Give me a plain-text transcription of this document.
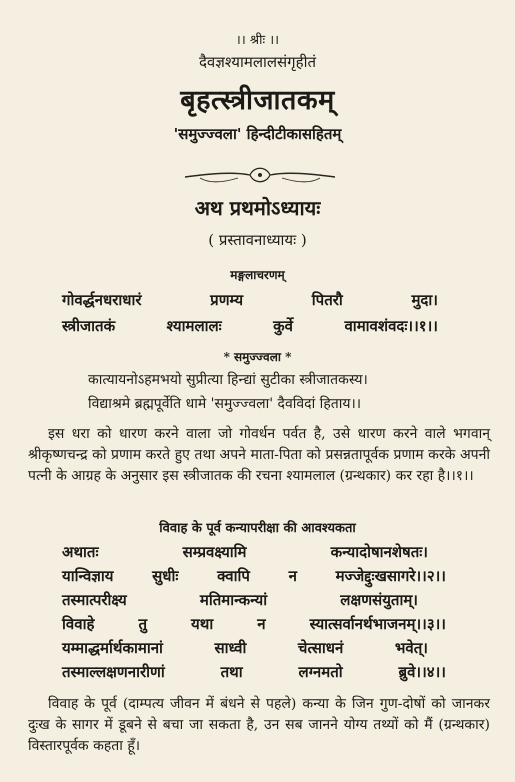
।। श्रीः ।।
दैवज्ञश्यामलालसंगृहीतं
बृहत्स्त्रीजातकम्
'समुज्ज्वला' हिन्दीटीकासहितम्
अथ प्रथमोऽध्यायः
( प्रस्तावनाध्यायः )
मङ्गलाचरणम्
गोवर्द्धनधराधारं	प्रणम्य	पितरौ	मुदा।
स्त्रीजातकं	श्यामलालः	कुर्वे	वामावशंवदः।।१।।
* समुज्ज्वला *
कात्यायनोऽहमभयो सुप्रीत्या हिन्द्यां सुटीका स्त्रीजातकस्य।
विद्याश्रमे ब्रह्मपूर्वेति धामे 'समुज्ज्वला' दैवविदां हिताय।।
इस धरा को धारण करने वाला जो गोवर्धन पर्वत है, उसे धारण करने वाले भगवान् श्रीकृष्णचन्द्र को प्रणाम करते हुए तथा अपने माता-पिता को प्रसन्नतापूर्वक प्रणाम करके अपनी पत्नी के आग्रह के अनुसार इस स्त्रीजातक की रचना श्यामलाल (ग्रन्थकार) कर रहा है।।१।।
विवाह के पूर्व कन्यापरीक्षा की आवश्यकता
अथातः	सम्प्रवक्ष्यामि	कन्यादोषानशेषतः।
यान्विज्ञाय	सुधीः	क्वापि	न	मज्जेद्दुःखसागरे।।२।।
तस्मात्परीक्ष्य	मतिमान्कन्यां	लक्षणसंयुताम्।
विवाहे	तु	यथा	न	स्यात्सर्वानर्थभाजनम्।।३।।
यम्माद्धर्मार्थकामानां	साध्वी	चेत्साधनं	भवेत्।
तस्माल्लक्षणनारीणां	तथा	लग्नमतो	ब्रुवे।।४।।
विवाह के पूर्व (दाम्पत्य जीवन में बंधने से पहले) कन्या के जिन गुण-दोषों को जानकर दुःख के सागर में डूबने से बचा जा सकता है, उन सब जानने योग्य तथ्यों को मैं (ग्रन्थकार) विस्तारपूर्वक कहता हूँ।
